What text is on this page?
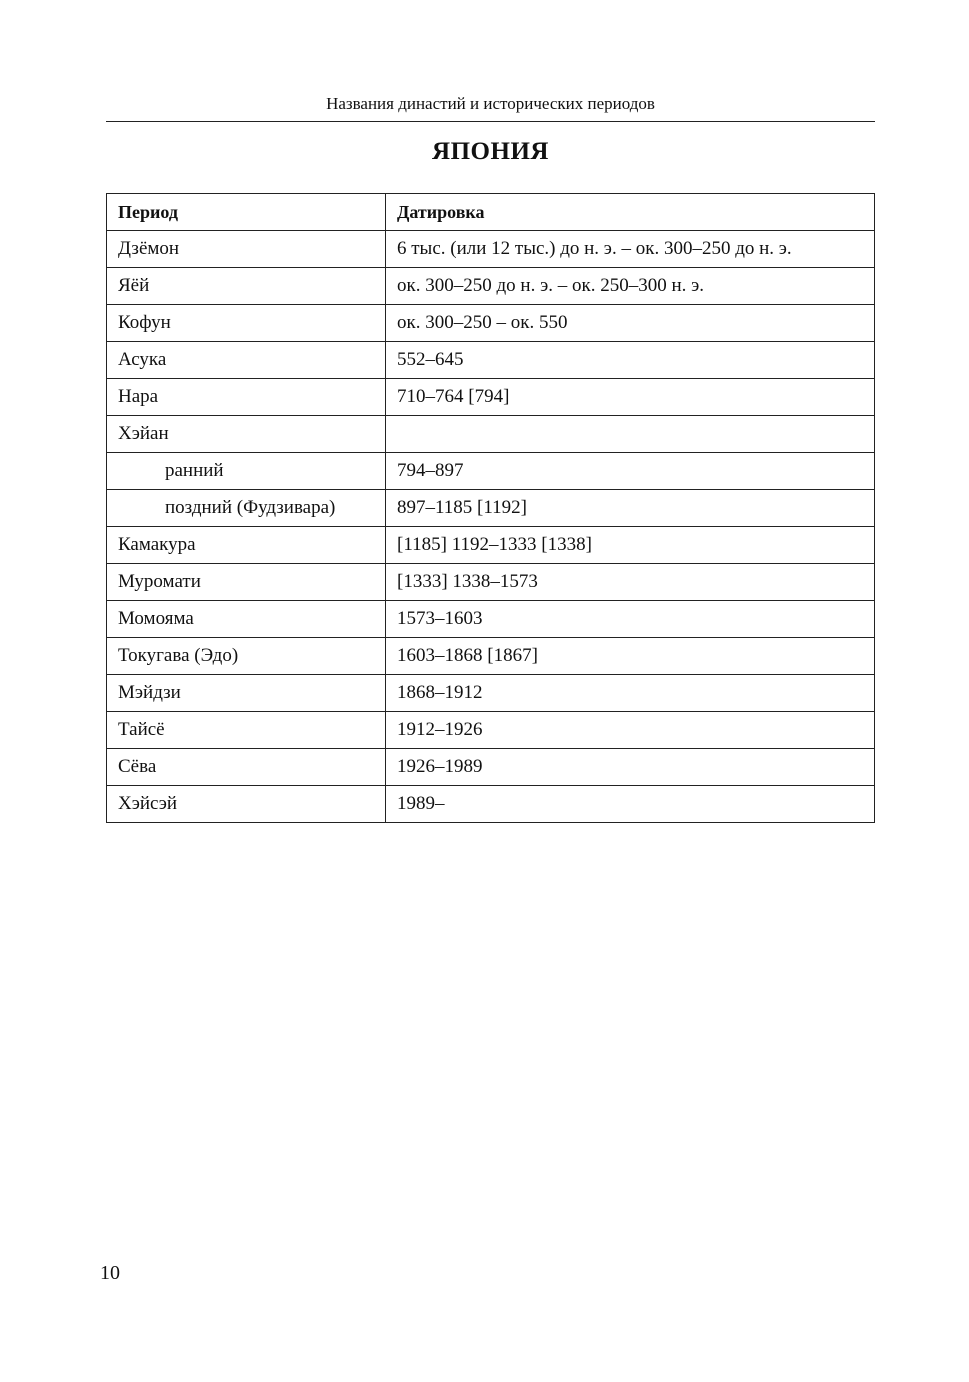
Названия династий и исторических периодов
ЯПОНИЯ
Период	Датировка
Дзёмон	6 тыс. (или 12 тыс.) до н. э. – ок. 300–250 до н. э.
Яёй	ок. 300–250 до н. э. – ок. 250–300 н. э.
Кофун	ок. 300–250 – ок. 550
Асука	552–645
Нара	710–764 [794]
Хэйан	
ранний	794–897
поздний (Фудзивара)	897–1185 [1192]
Камакура	[1185] 1192–1333 [1338]
Муромати	[1333] 1338–1573
Момояма	1573–1603
Токугава (Эдо)	1603–1868 [1867]
Мэйдзи	1868–1912
Тайсё	1912–1926
Сёва	1926–1989
Хэйсэй	1989–
10
